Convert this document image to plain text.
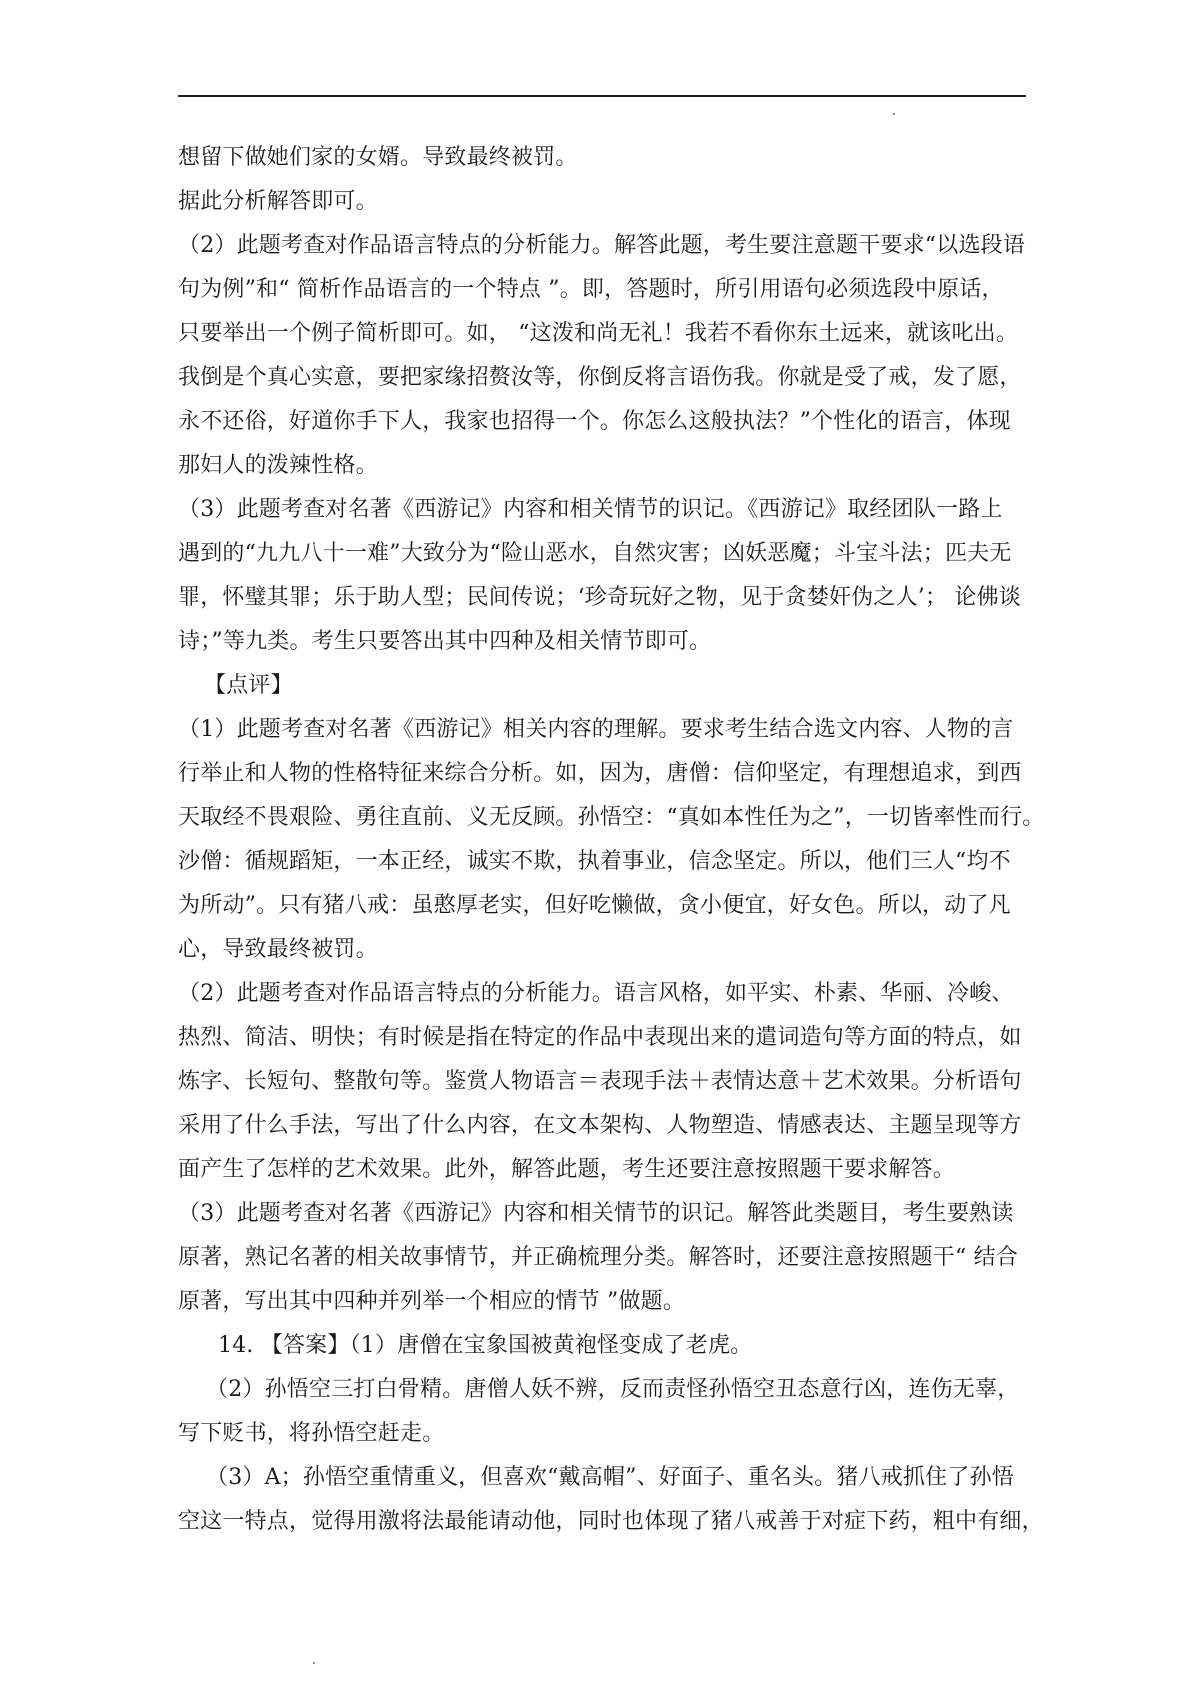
想留下做她们家的女婿。导致最终被罚。
据此分析解答即可。
（2）此题考查对作品语言特点的分析能力。解答此题，考生要注意题干要求“以选段语
句为例”和“ 简析作品语言的一个特点 ”。即，答题时，所引用语句必须选段中原话，
只要举出一个例子简析即可。如， “这泼和尚无礼！我若不看你东土远来，就该叱出。
我倒是个真心实意，要把家缘招赘汝等，你倒反将言语伤我。你就是受了戒，发了愿，
永不还俗，好道你手下人，我家也招得一个。你怎么这般执法？”个性化的语言，体现
那妇人的泼辣性格。
（3）此题考查对名著《西游记》内容和相关情节的识记。《西游记》取经团队一路上
遇到的“九九八十一难”大致分为“险山恶水，自然灾害；凶妖恶魔；斗宝斗法；匹夫无
罪，怀璧其罪；乐于助人型；民间传说；‘珍奇玩好之物，见于贪婪奸伪之人’； 论佛谈
诗；”等九类。考生只要答出其中四种及相关情节即可。
【点评】
（1）此题考查对名著《西游记》相关内容的理解。要求考生结合选文内容、人物的言
行举止和人物的性格特征来综合分析。如，因为，唐僧：信仰坚定，有理想追求，到西
天取经不畏艰险、勇往直前、义无反顾。孙悟空：“真如本性任为之”，一切皆率性而行。
沙僧：循规蹈矩，一本正经，诚实不欺，执着事业，信念坚定。所以，他们三人“均不
为所动”。只有猪八戒：虽憨厚老实，但好吃懒做，贪小便宜，好女色。所以，动了凡
心，导致最终被罚。
（2）此题考查对作品语言特点的分析能力。语言风格，如平实、朴素、华丽、冷峻、
热烈、简洁、明快；有时候是指在特定的作品中表现出来的遣词造句等方面的特点，如
炼字、长短句、整散句等。鉴赏人物语言＝表现手法＋表情达意＋艺术效果。分析语句
采用了什么手法，写出了什么内容，在文本架构、人物塑造、情感表达、主题呈现等方
面产生了怎样的艺术效果。此外，解答此题，考生还要注意按照题干要求解答。
（3）此题考查对名著《西游记》内容和相关情节的识记。解答此类题目，考生要熟读
原著，熟记名著的相关故事情节，并正确梳理分类。解答时，还要注意按照题干“ 结合
原著，写出其中四种并列举一个相应的情节 ”做题。
14. 【答案】（1）唐僧在宝象国被黄袍怪变成了老虎。
（2）孙悟空三打白骨精。唐僧人妖不辨，反而责怪孙悟空丑态意行凶，连伤无辜，
写下贬书，将孙悟空赶走。
（3）A；孙悟空重情重义，但喜欢“戴高帽”、好面子、重名头。猪八戒抓住了孙悟
空这一特点，觉得用激将法最能请动他，同时也体现了猪八戒善于对症下药，粗中有细，
